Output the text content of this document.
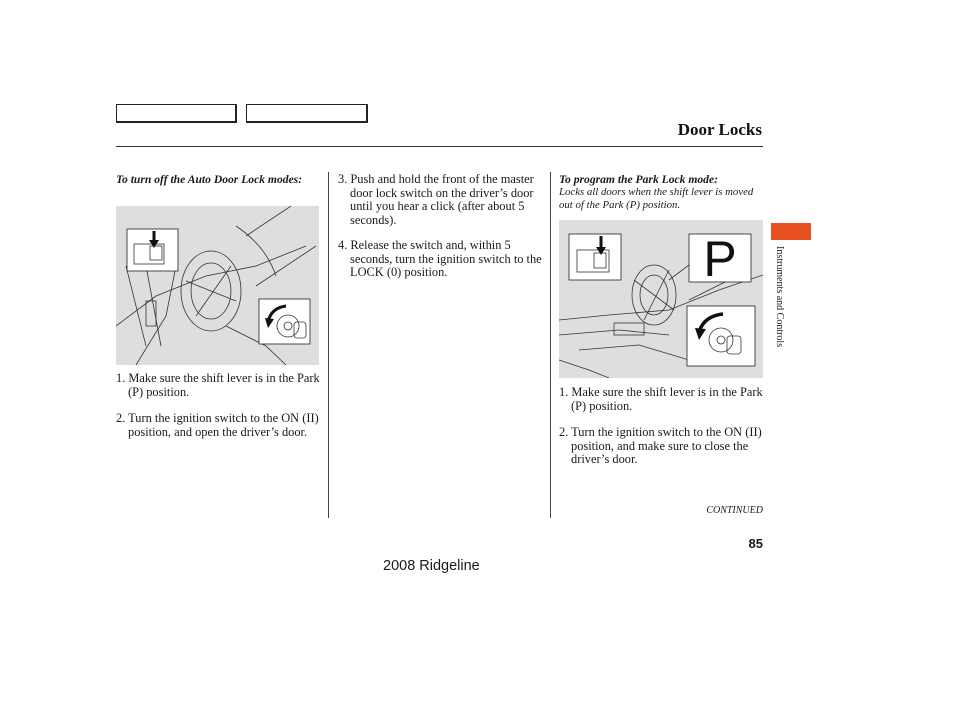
Door Locks
To turn off the Auto Door Lock modes:
1. Make sure the shift lever is in the Park (P) position.
2. Turn the ignition switch to the ON (II) position, and open the driver’s door.
3. Push and hold the front of the master door lock switch on the driver’s door until you hear a click (after about 5 seconds).
4. Release the switch and, within 5 seconds, turn the ignition switch to the LOCK (0) position.
To program the Park Lock mode:
Locks all doors when the shift lever is moved out of the Park (P) position.
P
1. Make sure the shift lever is in the Park (P) position.
2. Turn the ignition switch to the ON (II) position, and make sure to close the driver’s door.
Instruments and Controls
CONTINUED
85
2008 Ridgeline
